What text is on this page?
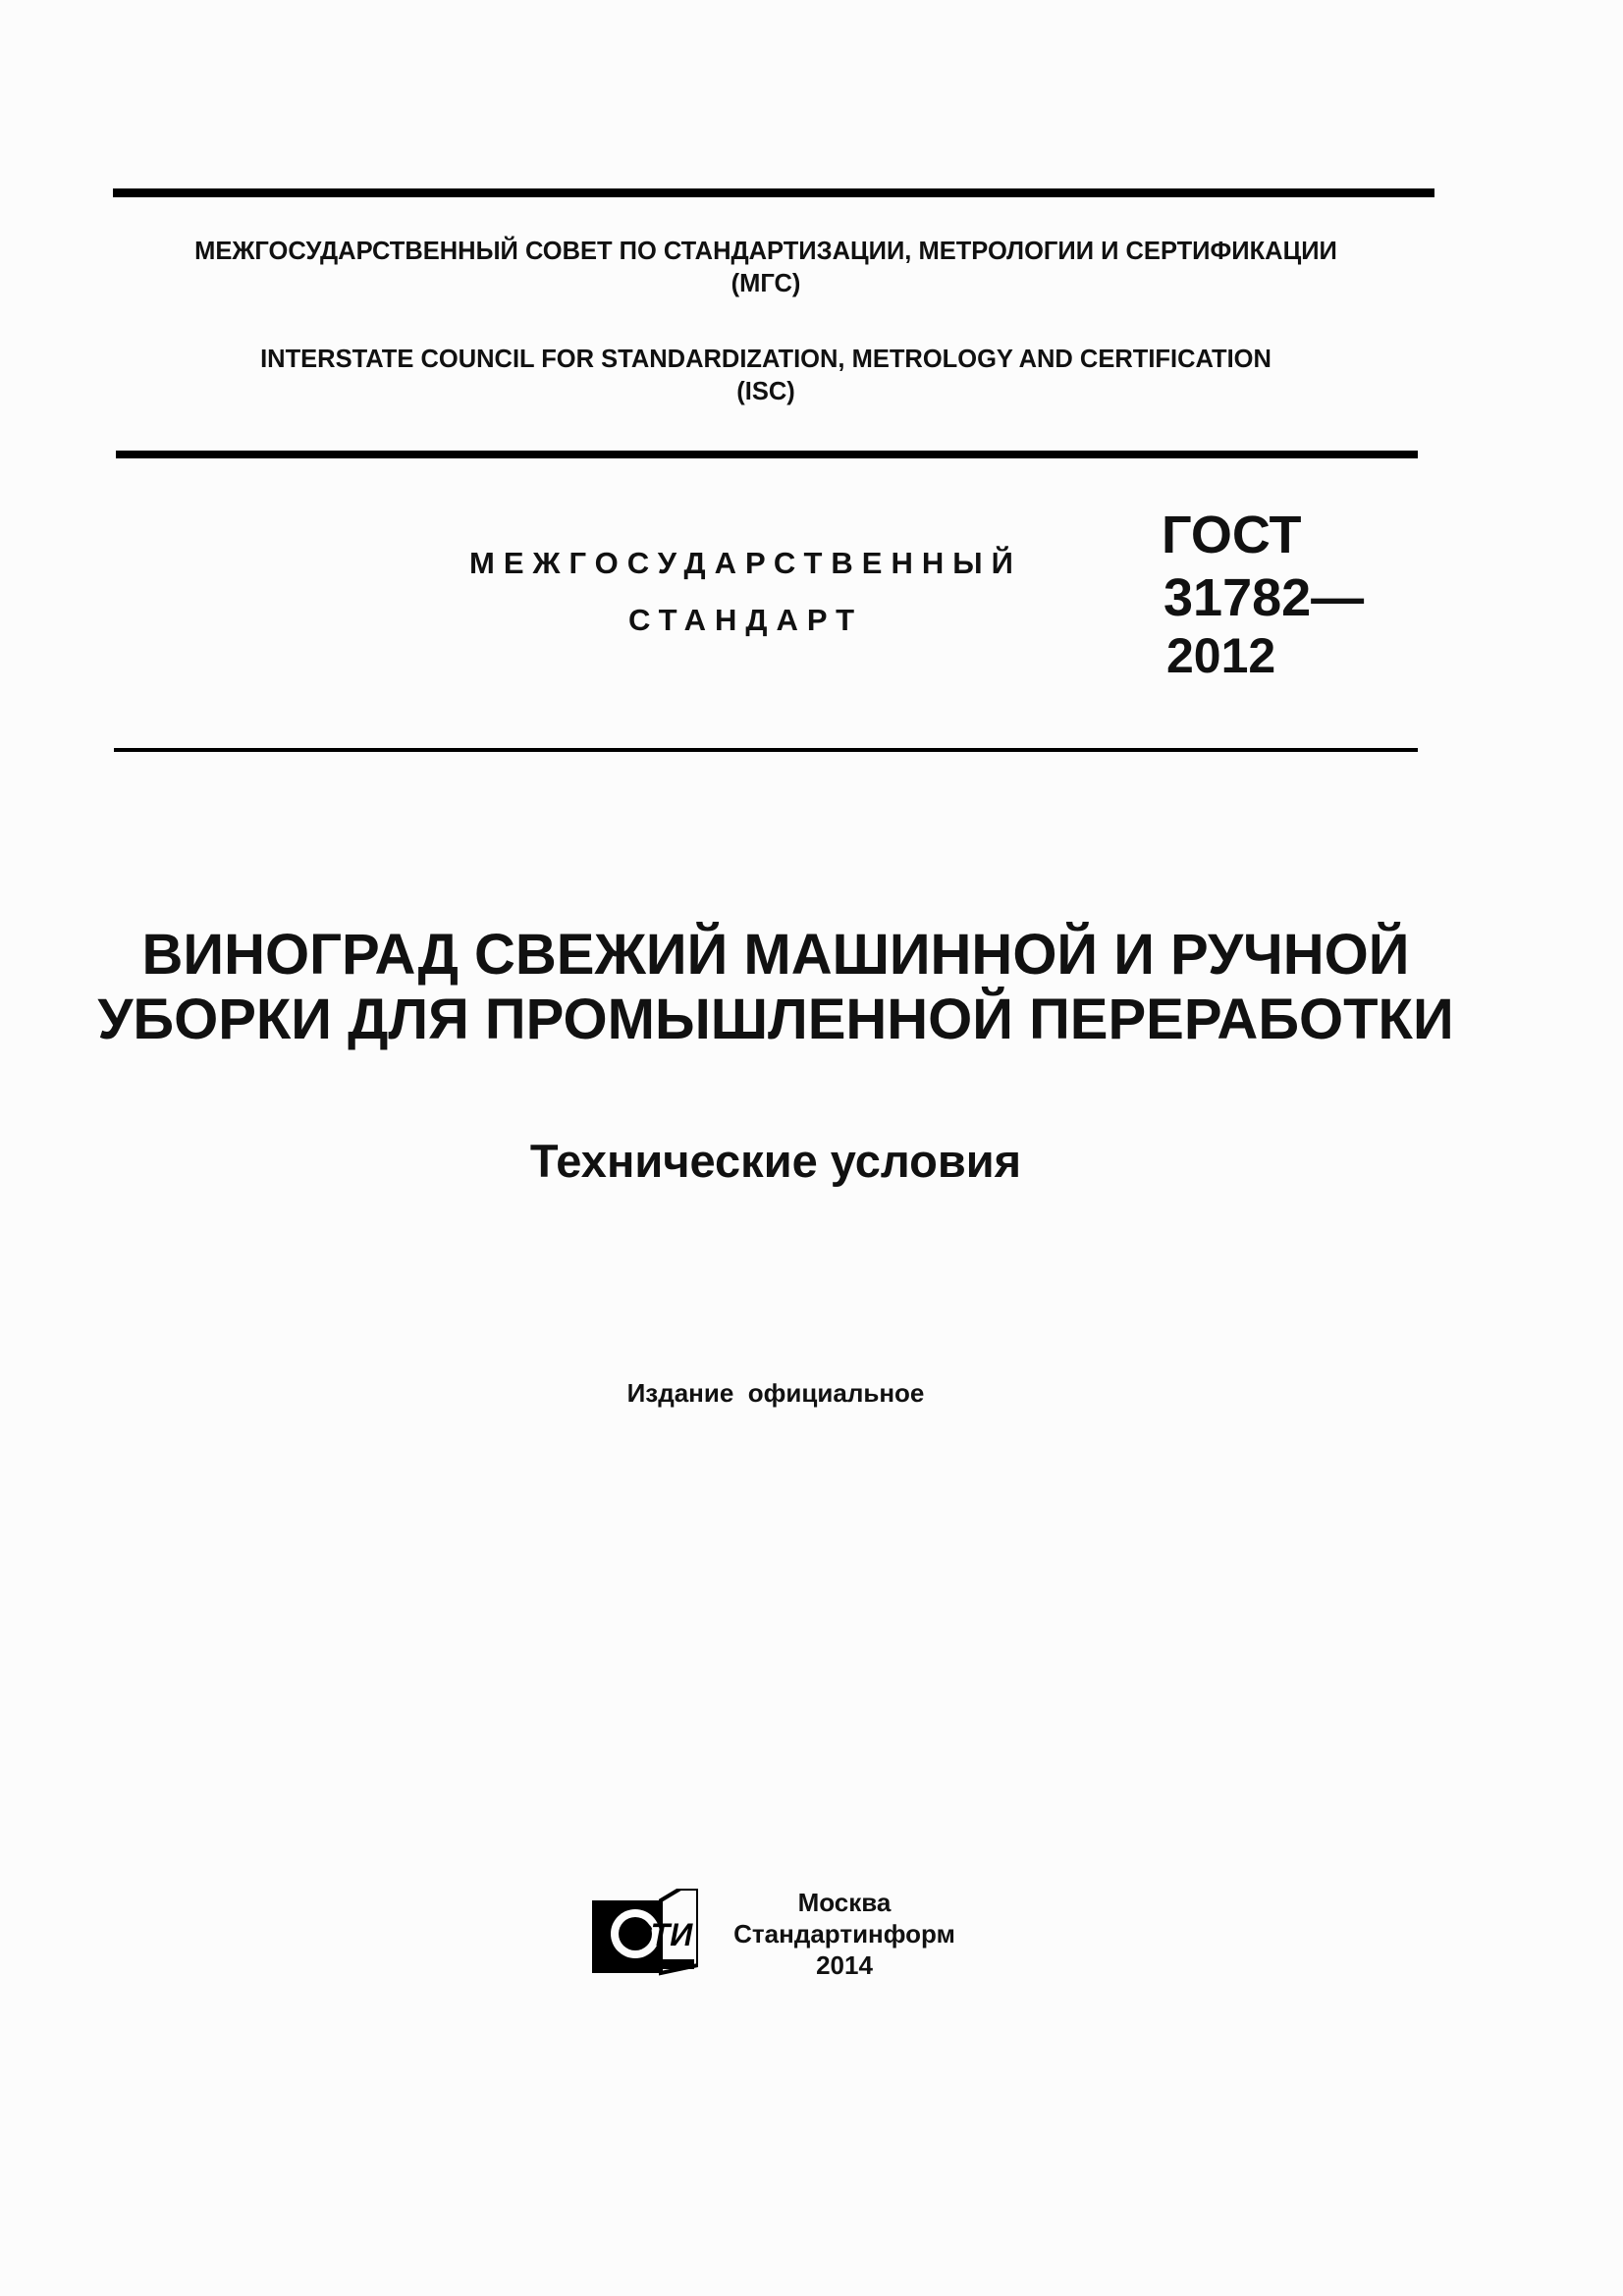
МЕЖГОСУДАРСТВЕННЫЙ СОВЕТ ПО СТАНДАРТИЗАЦИИ, МЕТРОЛОГИИ И СЕРТИФИКАЦИИ
(МГС)
INTERSTATE COUNCIL FOR STANDARDIZATION, METROLOGY AND CERTIFICATION
(ISC)
МЕЖГОСУДАРСТВЕННЫЙ
СТАНДАРТ
ГОСТ
31782—
2012
ВИНОГРАД СВЕЖИЙ МАШИННОЙ И РУЧНОЙ
УБОРКИ ДЛЯ ПРОМЫШЛЕННОЙ ПЕРЕРАБОТКИ
Технические условия
Издание  официальное
СТИ
Москва
Стандартинформ
2014
